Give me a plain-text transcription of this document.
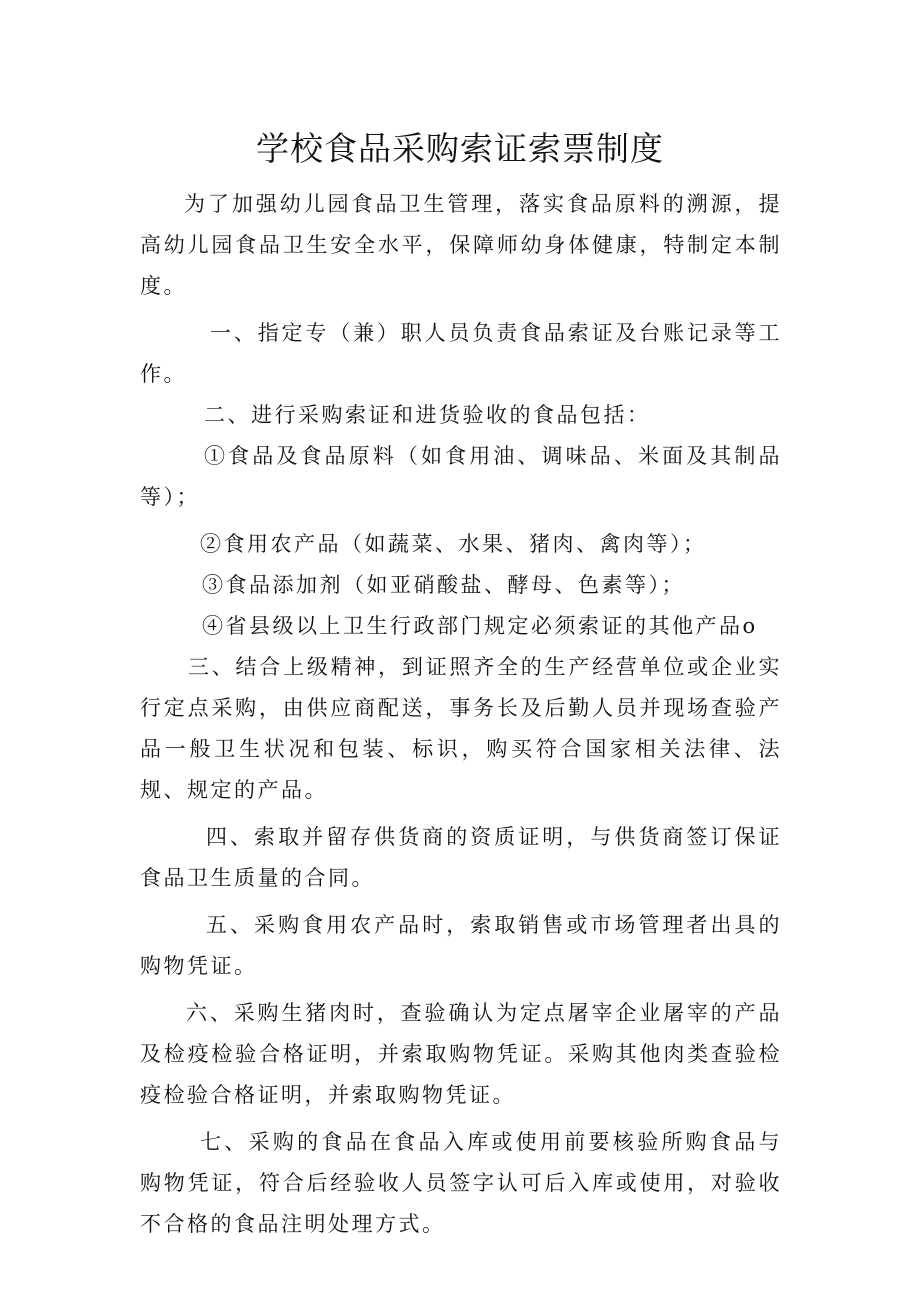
学校食品采购索证索票制度

为了加强幼儿园食品卫生管理，落实食品原料的溯源，提高幼儿园食品卫生安全水平，保障师幼身体健康，特制定本制度。

一、指定专（兼）职人员负责食品索证及台账记录等工作。

二、进行采购索证和进货验收的食品包括：

①食品及食品原料（如食用油、调味品、米面及其制品等）；

②食用农产品（如蔬菜、水果、猪肉、禽肉等）；

③食品添加剂（如亚硝酸盐、酵母、色素等）；

④省县级以上卫生行政部门规定必须索证的其他产品o

三、结合上级精神，到证照齐全的生产经营单位或企业实行定点采购，由供应商配送，事务长及后勤人员并现场查验产品一般卫生状况和包装、标识，购买符合国家相关法律、法规、规定的产品。

四、索取并留存供货商的资质证明，与供货商签订保证食品卫生质量的合同。

五、采购食用农产品时，索取销售或市场管理者出具的购物凭证。

六、采购生猪肉时，查验确认为定点屠宰企业屠宰的产品及检疫检验合格证明，并索取购物凭证。采购其他肉类查验检疫检验合格证明，并索取购物凭证。

七、采购的食品在食品入库或使用前要核验所购食品与购物凭证，符合后经验收人员签字认可后入库或使用，对验收不合格的食品注明处理方式。
